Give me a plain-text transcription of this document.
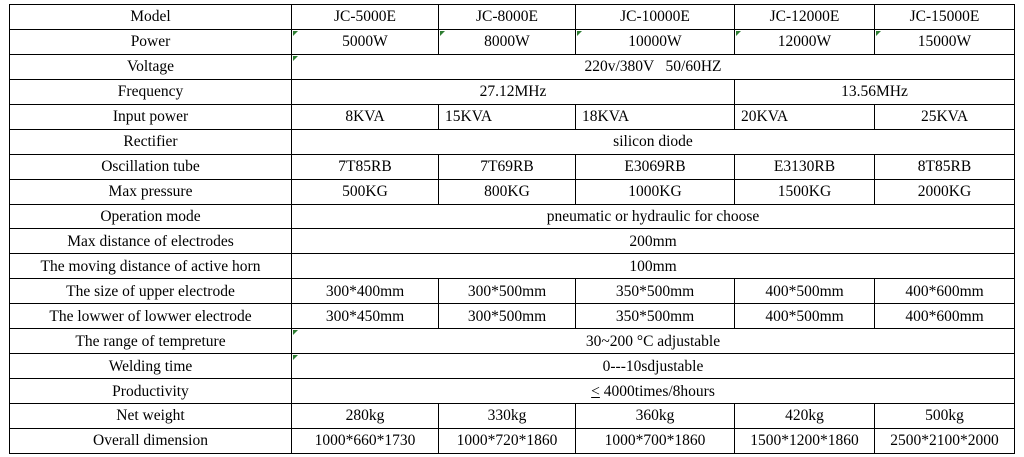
Model	JC-5000E	JC-8000E	JC-10000E	JC-12000E	JC-15000E
Power	5000W	8000W	10000W	12000W	15000W
Voltage	220v/380V   50/60HZ				
Frequency	27.12MHz			13.56MHz	
Input power	8KVA	15KVA	18KVA	20KVA	25KVA
Rectifier	silicon diode				
Oscillation tube	7T85RB	7T69RB	E3069RB	E3130RB	8T85RB
Max pressure	500KG	800KG	1000KG	1500KG	2000KG
Operation mode	pneumatic or hydraulic for choose				
Max distance of electrodes	200mm				
The moving distance of active horn	100mm				
The size of upper electrode	300*400mm	300*500mm	350*500mm	400*500mm	400*600mm
The lowwer of lowwer electrode	300*450mm	300*500mm	350*500mm	400*500mm	400*600mm
The range of tempreture	30~200 °C adjustable				
Welding time	0---10sdjustable				
Productivity	< 4000times/8hours				
Net weight	280kg	330kg	360kg	420kg	500kg
Overall dimension	1000*660*1730	1000*720*1860	1000*700*1860	1500*1200*1860	2500*2100*2000
